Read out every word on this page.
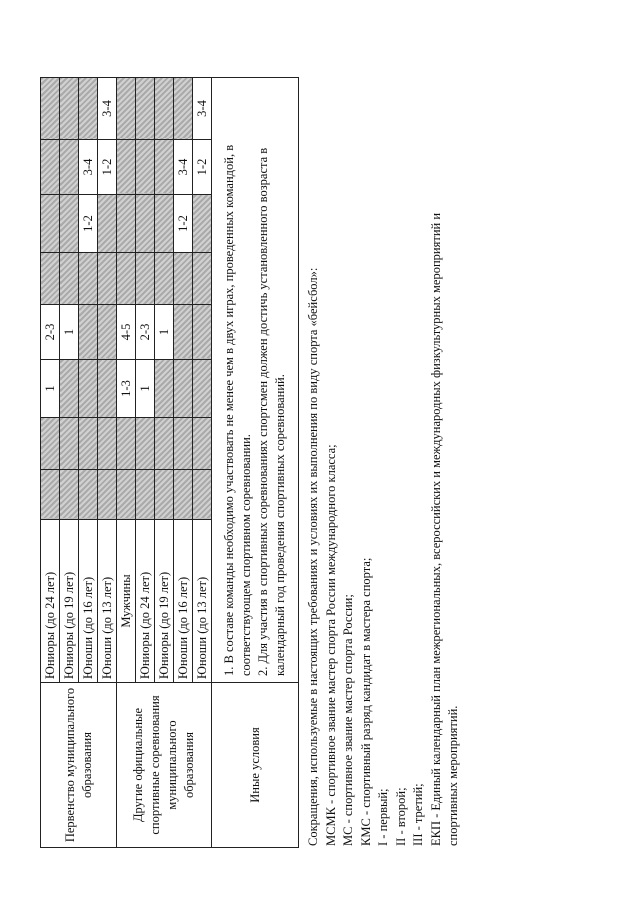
Первенство муниципального образования	Юниоры (до 24 лет)			1	2-3				
	Юниоры (до 19 лет)				1				
	Юноши (до 16 лет)						1-2	3-4	
	Юноши (до 13 лет)							1-2	3-4
Другие официальные спортивные соревнования муниципального образования	Мужчины			1-3	4-5				
	Юниоры (до 24 лет)			1	2-3				
	Юниоры (до 19 лет)				1				
	Юноши (до 16 лет)						1-2	3-4	
	Юноши (до 13 лет)							1-2	3-4
Иные условия	1. В составе команды необходимо участвовать не менее чем в двух играх, проведенных командой, в соответствующем спортивном соревновании. 2. Для участия в спортивных соревнованиях спортсмен должен достичь установленного возраста в календарный год проведения спортивных соревнований.								Сокращения, используемые в настоящих требованиях и условиях их выполнения по виду спорта «бейсбол»: МСМК - спортивное звание мастер спорта России международного класса; МС - спортивное звание мастер спорта России; КМС - спортивный разряд кандидат в мастера спорта; I - первый; II - второй; III - третий; ЕКП - Единый календарный план межрегиональных, всероссийских и международных физкультурных мероприятий и спортивных мероприятий.
